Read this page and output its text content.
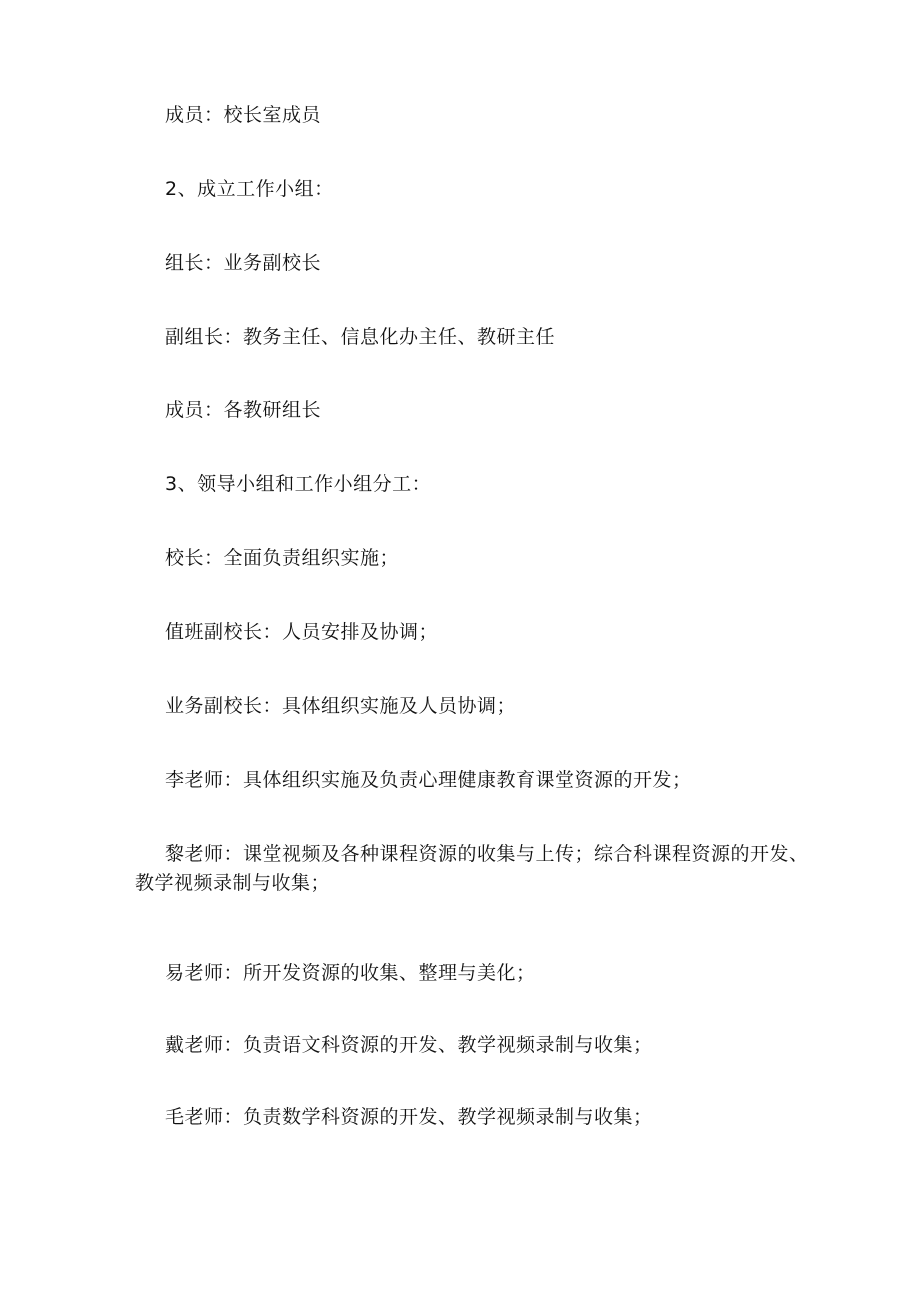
成员：校长室成员
2、成立工作小组：
组长：业务副校长
副组长：教务主任、信息化办主任、教研主任
成员：各教研组长
3、领导小组和工作小组分工：
校长：全面负责组织实施；
值班副校长：人员安排及协调；
业务副校长：具体组织实施及人员协调；
李老师：具体组织实施及负责心理健康教育课堂资源的开发；
黎老师：课堂视频及各种课程资源的收集与上传；综合科课程资源的开发、教学视频录制与收集；
易老师：所开发资源的收集、整理与美化；
戴老师：负责语文科资源的开发、教学视频录制与收集；
毛老师：负责数学科资源的开发、教学视频录制与收集；
